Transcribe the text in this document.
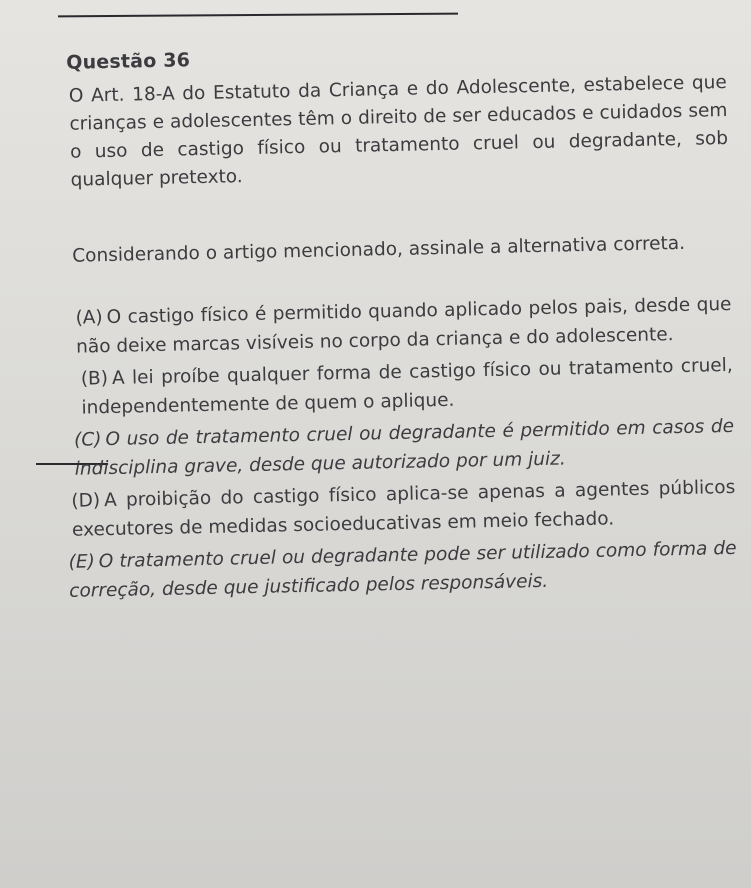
Questão 36

O Art. 18-A do Estatuto da Criança e do Adolescente, estabelece que crianças e adolescentes têm o direito de ser educados e cuidados sem o uso de castigo físico ou tratamento cruel ou degradante, sob qualquer pretexto.

Considerando o artigo mencionado, assinale a alternativa correta.

(A) O castigo físico é permitido quando aplicado pelos pais, desde que não deixe marcas visíveis no corpo da criança e do adolescente.

(B) A lei proíbe qualquer forma de castigo físico ou tratamento cruel, independentemente de quem o aplique.

(C) O uso de tratamento cruel ou degradante é permitido em casos de indisciplina grave, desde que autorizado por um juiz.

(D) A proibição do castigo físico aplica-se apenas a agentes públicos executores de medidas socioeducativas em meio fechado.

(E) O tratamento cruel ou degradante pode ser utilizado como forma de correção, desde que justificado pelos responsáveis.
